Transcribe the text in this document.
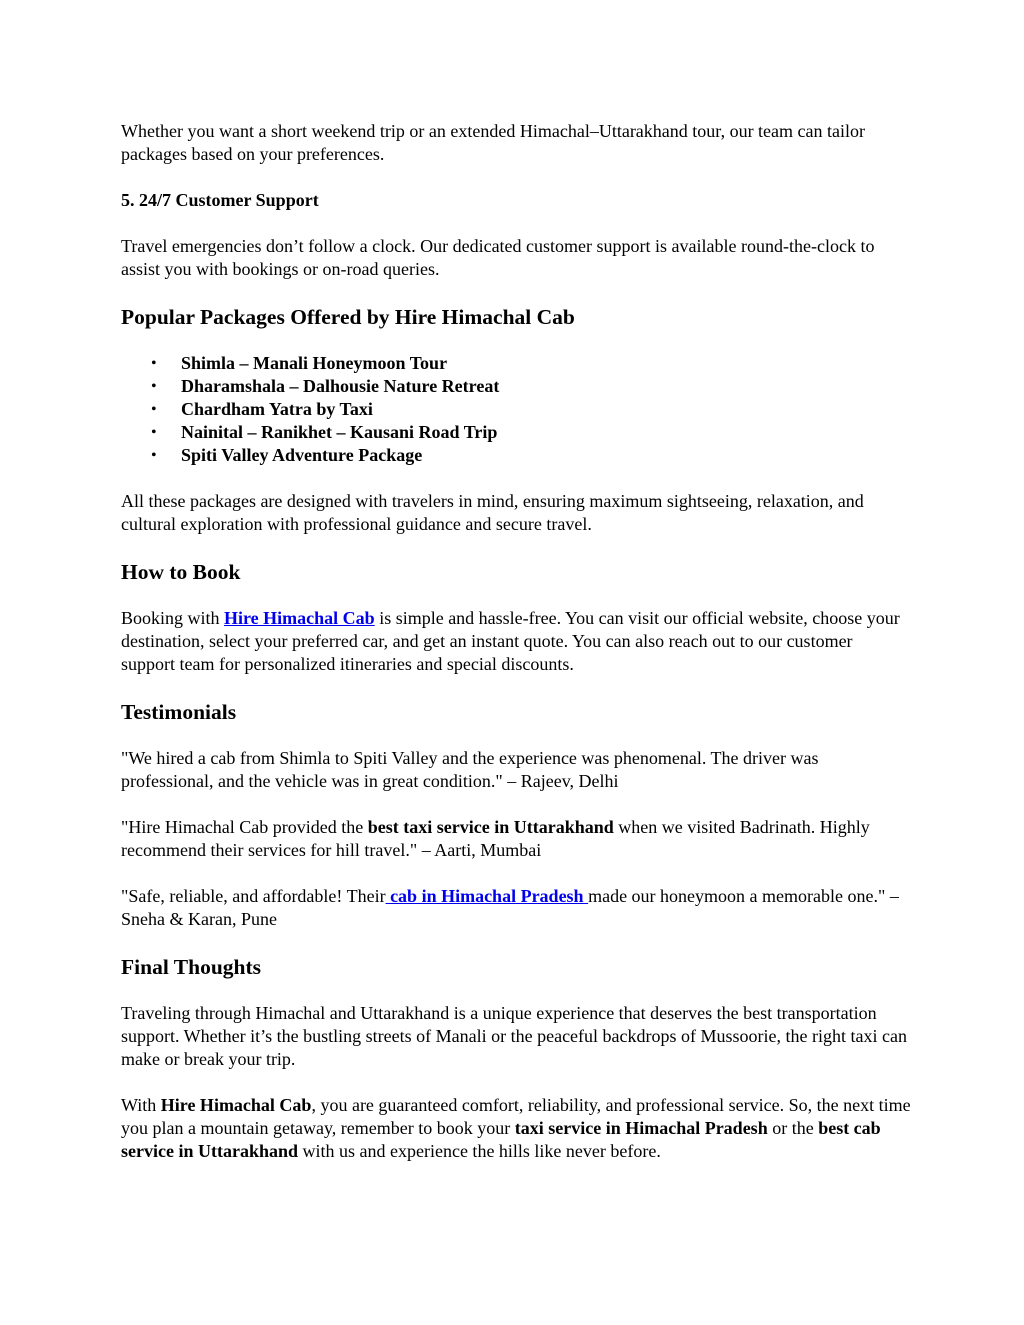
Whether you want a short weekend trip or an extended Himachal–Uttarakhand tour, our team can tailor packages based on your preferences.

5. 24/7 Customer Support

Travel emergencies don’t follow a clock. Our dedicated customer support is available round-the-clock to assist you with bookings or on-road queries.

Popular Packages Offered by Hire Himachal Cab
• Shimla – Manali Honeymoon Tour
• Dharamshala – Dalhousie Nature Retreat
• Chardham Yatra by Taxi
• Nainital – Ranikhet – Kausani Road Trip
• Spiti Valley Adventure Package

All these packages are designed with travelers in mind, ensuring maximum sightseeing, relaxation, and cultural exploration with professional guidance and secure travel.

How to Book

Booking with Hire Himachal Cab is simple and hassle-free. You can visit our official website, choose your destination, select your preferred car, and get an instant quote. You can also reach out to our customer support team for personalized itineraries and special discounts.

Testimonials

"We hired a cab from Shimla to Spiti Valley and the experience was phenomenal. The driver was professional, and the vehicle was in great condition." – Rajeev, Delhi

"Hire Himachal Cab provided the best taxi service in Uttarakhand when we visited Badrinath. Highly recommend their services for hill travel." – Aarti, Mumbai

"Safe, reliable, and affordable! Their cab in Himachal Pradesh made our honeymoon a memorable one." – Sneha & Karan, Pune

Final Thoughts

Traveling through Himachal and Uttarakhand is a unique experience that deserves the best transportation support. Whether it’s the bustling streets of Manali or the peaceful backdrops of Mussoorie, the right taxi can make or break your trip.

With Hire Himachal Cab, you are guaranteed comfort, reliability, and professional service. So, the next time you plan a mountain getaway, remember to book your taxi service in Himachal Pradesh or the best cab service in Uttarakhand with us and experience the hills like never before.
